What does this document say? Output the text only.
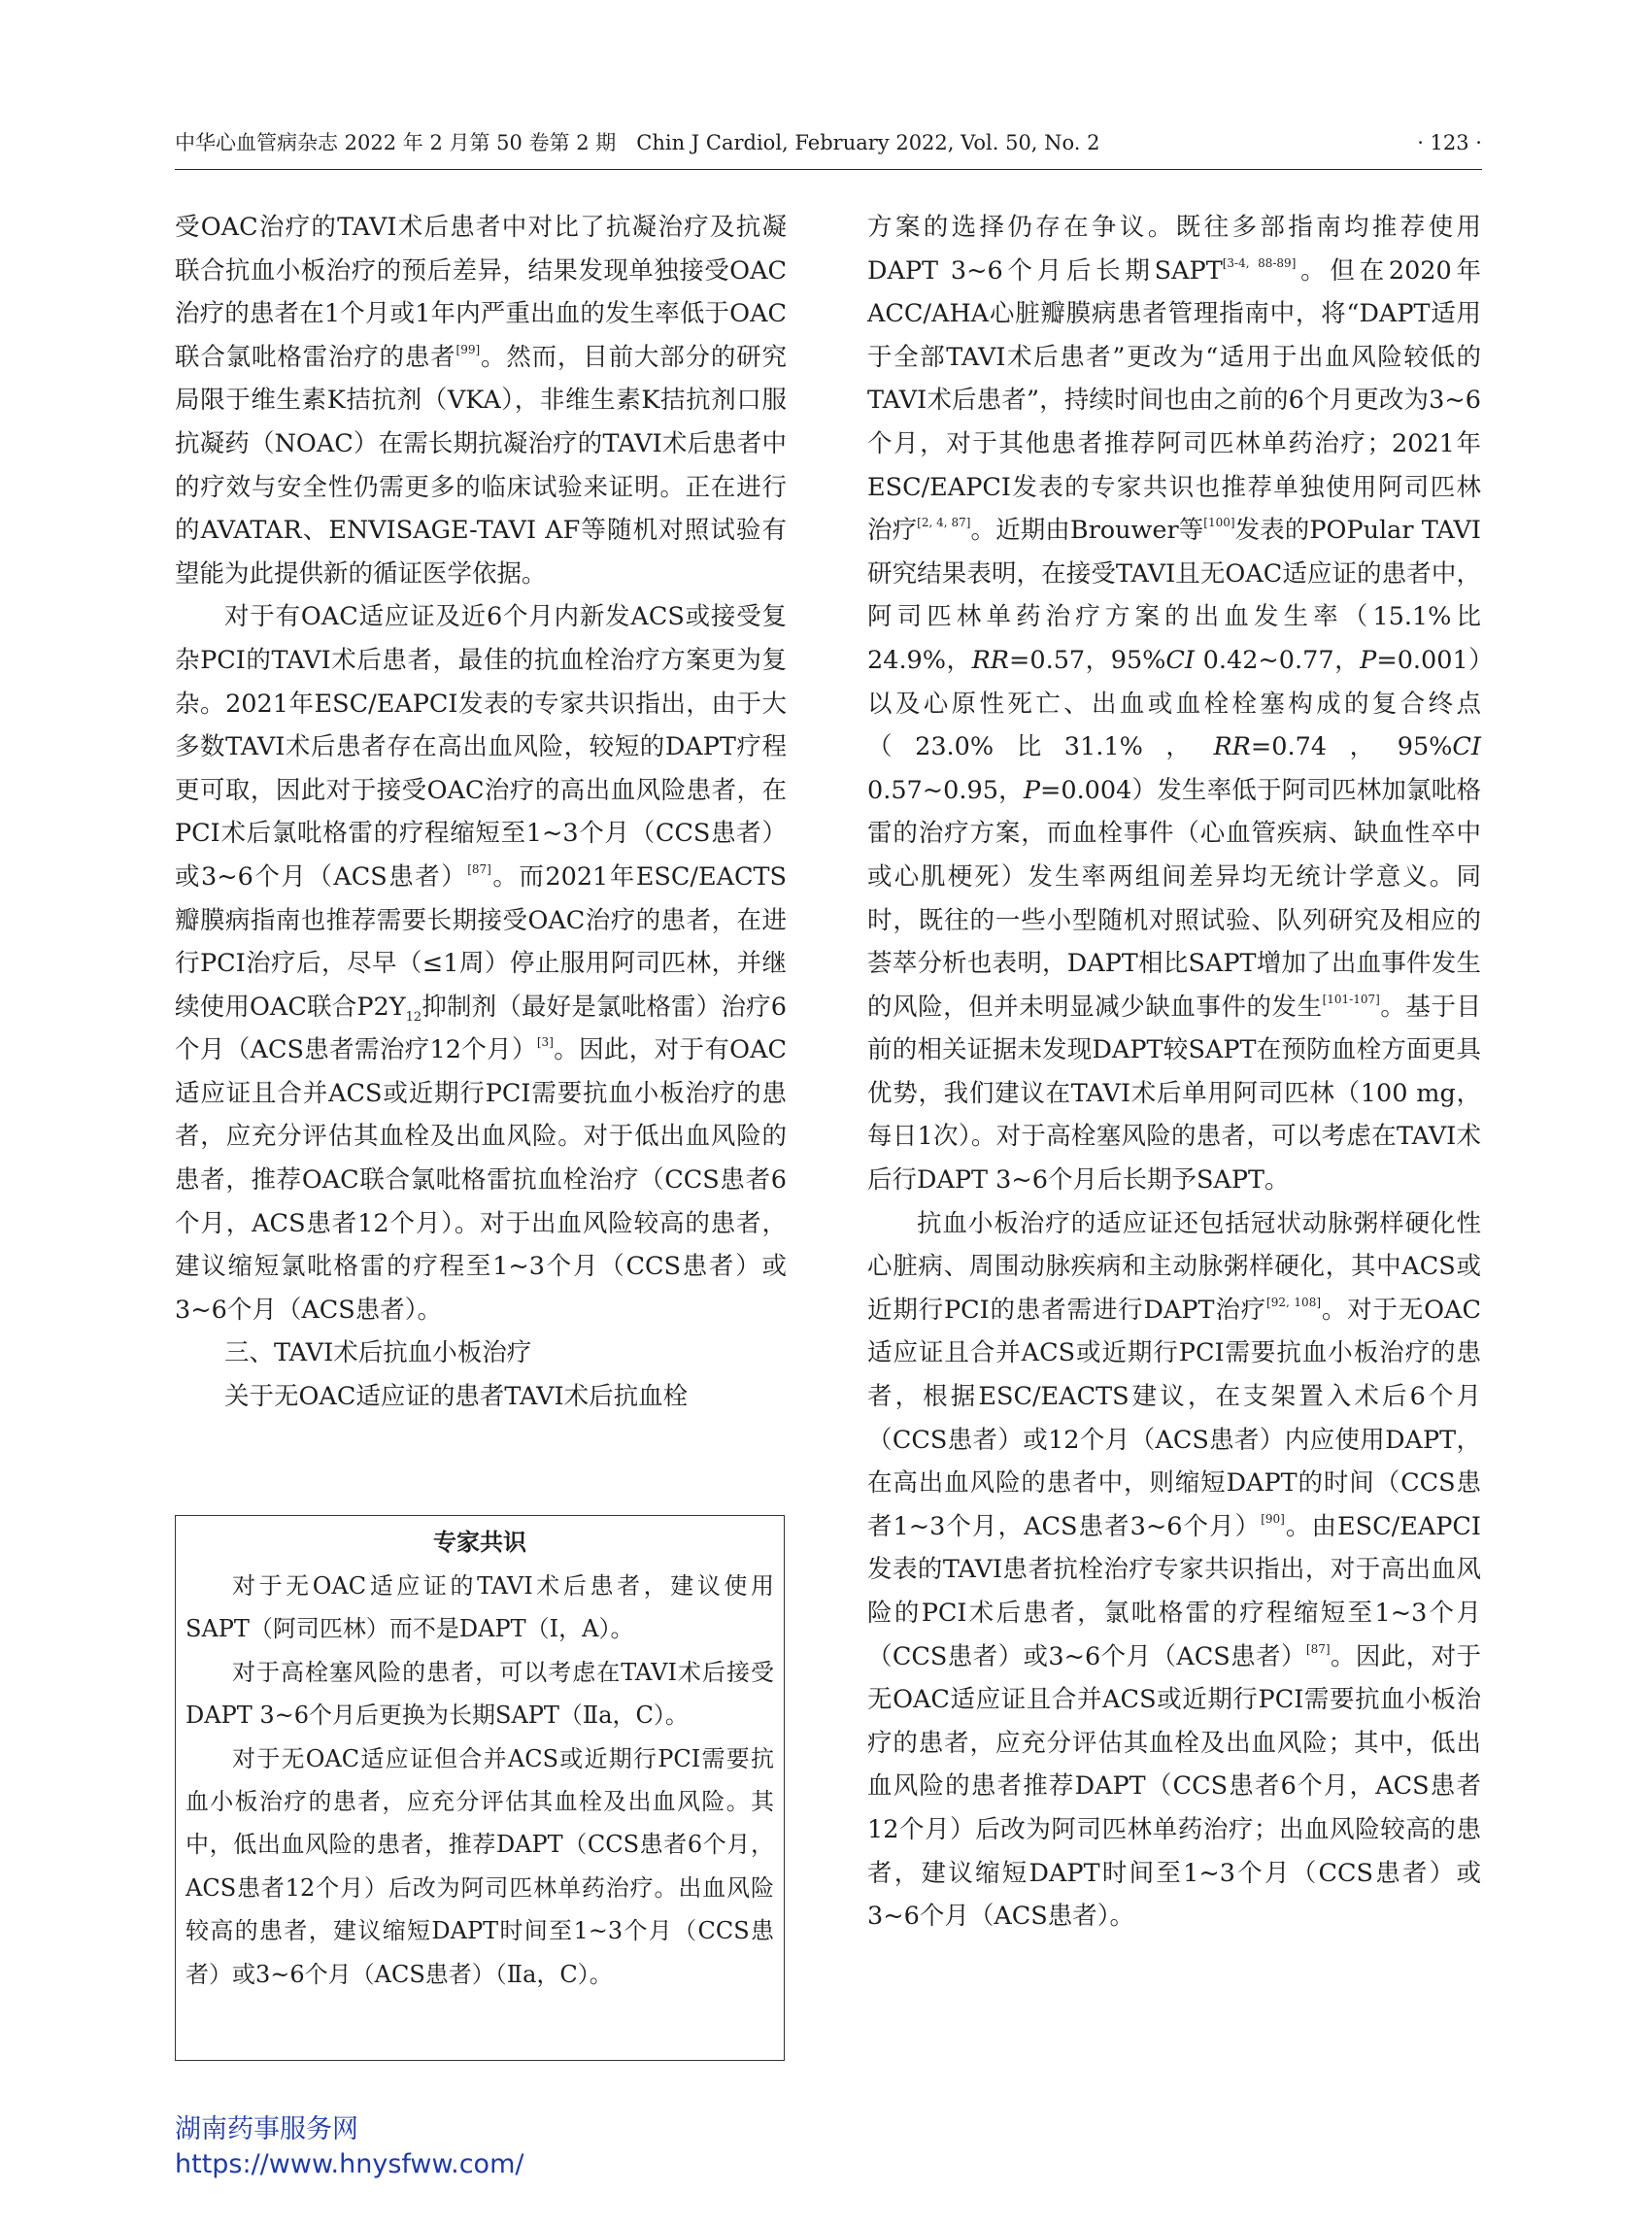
中华心血管病杂志 2022 年 2 月第 50 卷第 2 期　Chin J Cardiol, February 2022, Vol. 50, No. 2	· 123 ·

受OAC治疗的TAVI术后患者中对比了抗凝治疗及抗凝联合抗血小板治疗的预后差异，结果发现单独接受OAC治疗的患者在1个月或1年内严重出血的发生率低于OAC联合氯吡格雷治疗的患者[99]。然而，目前大部分的研究局限于维生素K拮抗剂（VKA），非维生素K拮抗剂口服抗凝药（NOAC）在需长期抗凝治疗的TAVI术后患者中的疗效与安全性仍需更多的临床试验来证明。正在进行的AVATAR、ENVISAGE-TAVI AF等随机对照试验有望能为此提供新的循证医学依据。

对于有OAC适应证及近6个月内新发ACS或接受复杂PCI的TAVI术后患者，最佳的抗血栓治疗方案更为复杂。2021年ESC/EAPCI发表的专家共识指出，由于大多数TAVI术后患者存在高出血风险，较短的DAPT疗程更可取，因此对于接受OAC治疗的高出血风险患者，在PCI术后氯吡格雷的疗程缩短至1~3个月（CCS患者）或3~6个月（ACS患者）[87]。而2021年ESC/EACTS瓣膜病指南也推荐需要长期接受OAC治疗的患者，在进行PCI治疗后，尽早（≤1周）停止服用阿司匹林，并继续使用OAC联合$P2Y_{12}$抑制剂（最好是氯吡格雷）治疗6个月（ACS患者需治疗12个月）[3]。因此，对于有OAC适应证且合并ACS或近期行PCI需要抗血小板治疗的患者，应充分评估其血栓及出血风险。对于低出血风险的患者，推荐OAC联合氯吡格雷抗血栓治疗（CCS患者6个月，ACS患者12个月）。对于出血风险较高的患者，建议缩短氯吡格雷的疗程至1~3个月（CCS患者）或3~6个月（ACS患者）。

三、TAVI术后抗血小板治疗

关于无OAC适应证的患者TAVI术后抗血栓

专家共识

对于无OAC适应证的TAVI术后患者，建议使用SAPT（阿司匹林）而不是DAPT（Ⅰ，A）。

对于高栓塞风险的患者，可以考虑在TAVI术后接受DAPT 3~6个月后更换为长期SAPT（Ⅱa，C）。

对于无OAC适应证但合并ACS或近期行PCI需要抗血小板治疗的患者，应充分评估其血栓及出血风险。其中，低出血风险的患者，推荐DAPT（CCS患者6个月，ACS患者12个月）后改为阿司匹林单药治疗。出血风险较高的患者，建议缩短DAPT时间至1~3个月（CCS患者）或3~6个月（ACS患者）（Ⅱa，C）。

方案的选择仍存在争议。既往多部指南均推荐使用DAPT 3~6个月后长期SAPT[3-4, 88-89]。但在2020年ACC/AHA心脏瓣膜病患者管理指南中，将“DAPT适用于全部TAVI术后患者”更改为“适用于出血风险较低的TAVI术后患者”，持续时间也由之前的6个月更改为3~6个月，对于其他患者推荐阿司匹林单药治疗；2021年ESC/EAPCI发表的专家共识也推荐单独使用阿司匹林治疗[2, 4, 87]。近期由Brouwer等[100]发表的POPular TAVI研究结果表明，在接受TAVI且无OAC适应证的患者中，阿司匹林单药治疗方案的出血发生率（15.1%比24.9%，RR=0.57，95%CI 0.42~0.77，P=0.001）以及心原性死亡、出血或血栓栓塞构成的复合终点（23.0%比31.1%，RR=0.74，95%CI 0.57~0.95，P=0.004）发生率低于阿司匹林加氯吡格雷的治疗方案，而血栓事件（心血管疾病、缺血性卒中或心肌梗死）发生率两组间差异均无统计学意义。同时，既往的一些小型随机对照试验、队列研究及相应的荟萃分析也表明，DAPT相比SAPT增加了出血事件发生的风险，但并未明显减少缺血事件的发生[101-107]。基于目前的相关证据未发现DAPT较SAPT在预防血栓方面更具优势，我们建议在TAVI术后单用阿司匹林（100 mg，每日1次）。对于高栓塞风险的患者，可以考虑在TAVI术后行DAPT 3~6个月后长期予SAPT。

抗血小板治疗的适应证还包括冠状动脉粥样硬化性心脏病、周围动脉疾病和主动脉粥样硬化，其中ACS或近期行PCI的患者需进行DAPT治疗[92, 108]。对于无OAC适应证且合并ACS或近期行PCI需要抗血小板治疗的患者，根据ESC/EACTS建议，在支架置入术后6个月（CCS患者）或12个月（ACS患者）内应使用DAPT，在高出血风险的患者中，则缩短DAPT的时间（CCS患者1~3个月，ACS患者3~6个月）[90]。由ESC/EAPCI发表的TAVI患者抗栓治疗专家共识指出，对于高出血风险的PCI术后患者，氯吡格雷的疗程缩短至1~3个月（CCS患者）或3~6个月（ACS患者）[87]。因此，对于无OAC适应证且合并ACS或近期行PCI需要抗血小板治疗的患者，应充分评估其血栓及出血风险；其中，低出血风险的患者推荐DAPT（CCS患者6个月，ACS患者12个月）后改为阿司匹林单药治疗；出血风险较高的患者，建议缩短DAPT时间至1~3个月（CCS患者）或3~6个月（ACS患者）。

湖南药事服务网
https://www.hnysfww.com/
